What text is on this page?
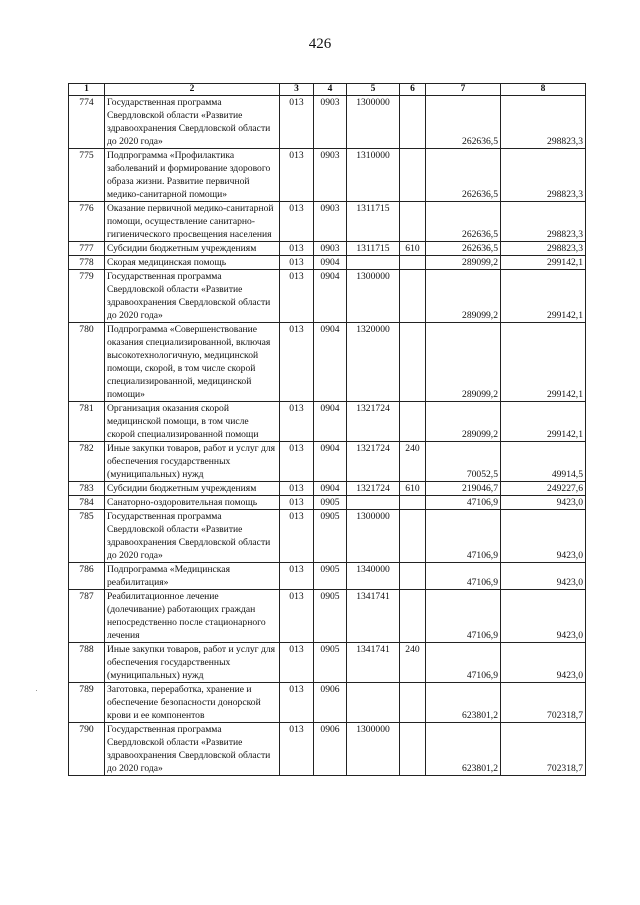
426
1	2	3	4	5	6	7	8
774	Государственная программа Свердловской области «Развитие здравоохранения Свердловской области до 2020 года»	013	0903	1300000		262636,5	298823,3
775	Подпрограмма «Профилактика заболеваний и формирование здорового образа жизни. Развитие первичной медико-санитарной помощи»	013	0903	1310000		262636,5	298823,3
776	Оказание первичной медико-санитарной помощи, осуществление санитарно-гигиенического просвещения населения	013	0903	1311715		262636,5	298823,3
777	Субсидии бюджетным учреждениям	013	0903	1311715	610	262636,5	298823,3
778	Скорая медицинская помощь	013	0904			289099,2	299142,1
779	Государственная программа Свердловской области «Развитие здравоохранения Свердловской области до 2020 года»	013	0904	1300000		289099,2	299142,1
780	Подпрограмма «Совершенствование оказания специализированной, включая высокотехнологичную, медицинской помощи, скорой, в том числе скорой специализированной, медицинской помощи»	013	0904	1320000		289099,2	299142,1
781	Организация оказания скорой медицинской помощи, в том числе скорой специализированной помощи	013	0904	1321724		289099,2	299142,1
782	Иные закупки товаров, работ и услуг для обеспечения государственных (муниципальных) нужд	013	0904	1321724	240	70052,5	49914,5
783	Субсидии бюджетным учреждениям	013	0904	1321724	610	219046,7	249227,6
784	Санаторно-оздоровительная помощь	013	0905			47106,9	9423,0
785	Государственная программа Свердловской области «Развитие здравоохранения Свердловской области до 2020 года»	013	0905	1300000		47106,9	9423,0
786	Подпрограмма «Медицинская реабилитация»	013	0905	1340000		47106,9	9423,0
787	Реабилитационное лечение (долечивание) работающих граждан непосредственно после стационарного лечения	013	0905	1341741		47106,9	9423,0
788	Иные закупки товаров, работ и услуг для обеспечения государственных (муниципальных) нужд	013	0905	1341741	240	47106,9	9423,0
789	Заготовка, переработка, хранение и обеспечение безопасности донорской крови и ее компонентов	013	0906			623801,2	702318,7
790	Государственная программа Свердловской области «Развитие здравоохранения Свердловской области до 2020 года»	013	0906	1300000		623801,2	702318,7
